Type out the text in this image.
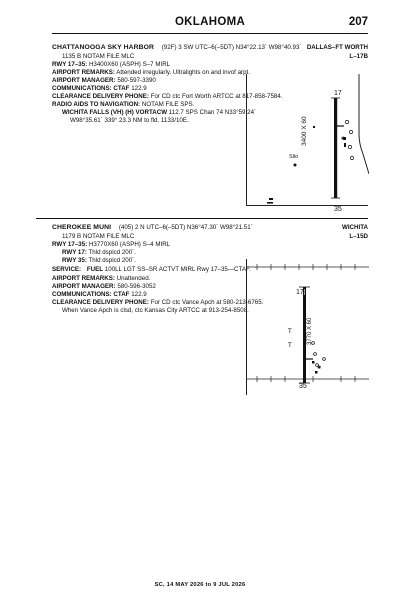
OKLAHOMA	207
CHATTANOOGA SKY HARBOR (92F) 3 SW UTC–6(–5DT) N34°22.13´ W98°40.93´ DALLAS–FT WORTH
L–17B
1135 B NOTAM FILE MLC
RWY 17–35: H3400X60 (ASPH) S–7 MIRL
AIRPORT REMARKS: Attended irregularly. Ultralights on and invof arpt.
AIRPORT MANAGER: 580-597-3390
COMMUNICATIONS: CTAF 122.9
CLEARANCE DELIVERY PHONE: For CD ctc Fort Worth ARTCC at 817-858-7584.
RADIO AIDS TO NAVIGATION: NOTAM FILE SPS.
WICHITA FALLS (VH) (H) VORTACW 112.7 SPS Chan 74 N33°59.24´
W98°35.61´ 339° 23.3 NM to fld. 1133/10E.
✱
17
35
3400 X 60
Silo
CHEROKEE MUNI (405) 2 N UTC–6(–5DT) N36°47.30´ W98°21.51´	WICHITA
L–15D
1179 B NOTAM FILE MLC
RWY 17–35: H3770X60 (ASPH) S–4 MIRL
RWY 17: Thld dsplcd 200´.
RWY 35: Thld dsplcd 200´.
SERVICE: FUEL 100LL LGT SS–SR ACTVT MIRL Rwy 17–35—CTAF.
AIRPORT REMARKS: Unattended.
AIRPORT MANAGER: 580-596-3052
COMMUNICATIONS: CTAF 122.9
CLEARANCE DELIVERY PHONE: For CD ctc Vance Apch at 580-213-6765.
When Vance Apch is clsd, ctc Kansas City ARTCC at 913-254-8508.
T
T
✱
17
35
3770 X 60
SC, 14 MAY 2026 to 9 JUL 2026
